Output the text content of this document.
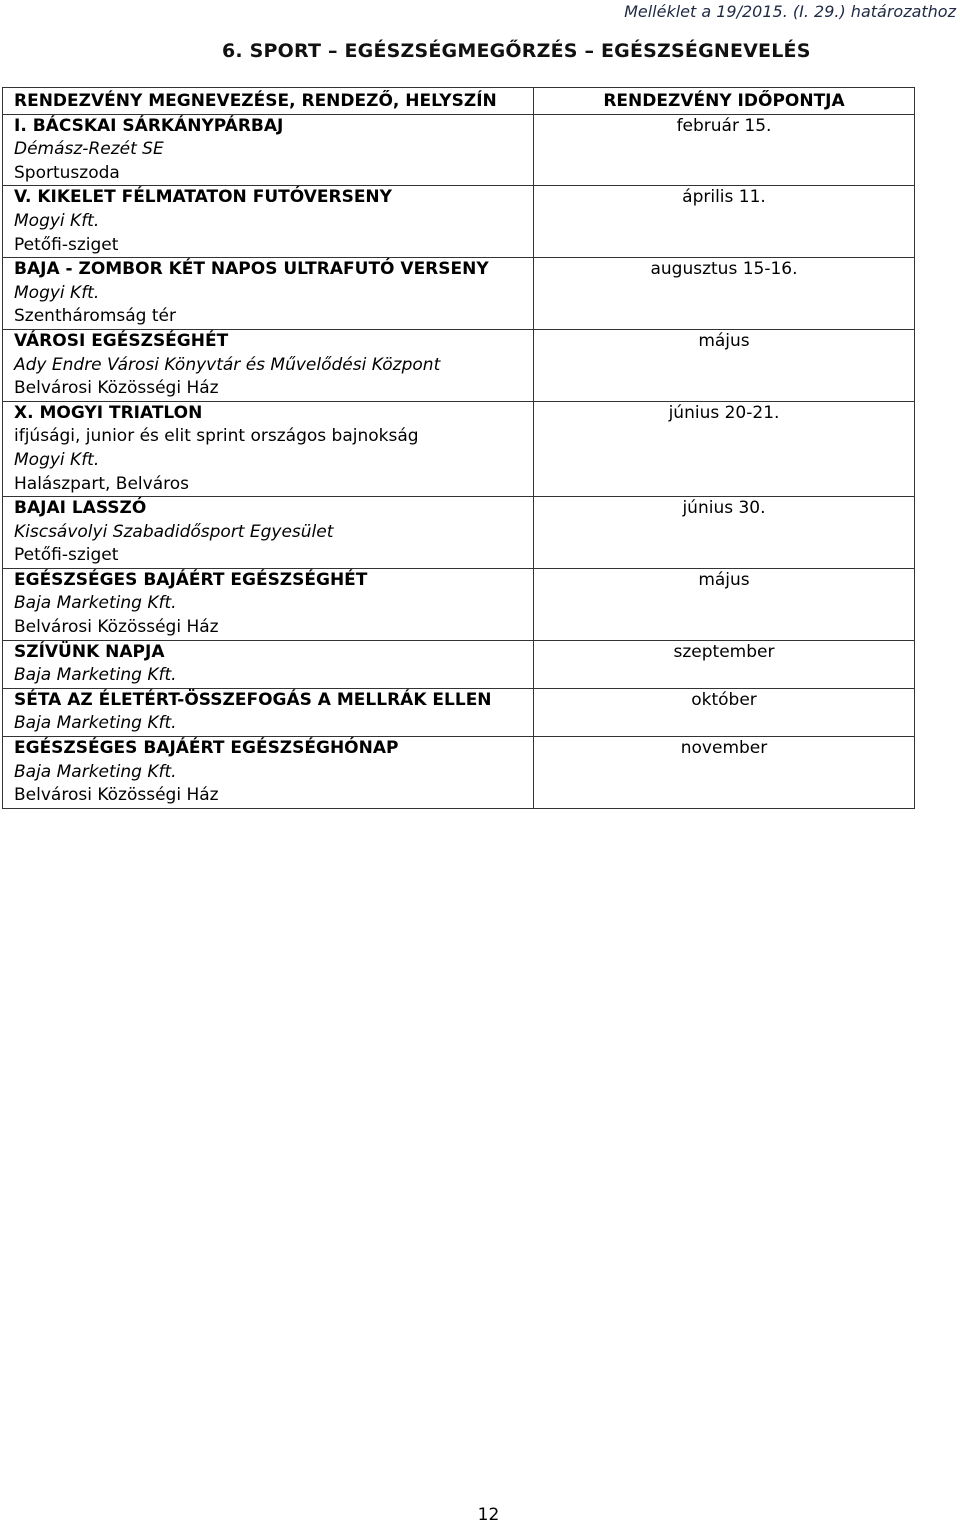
Melléklet a 19/2015. (I. 29.) határozathoz
6. SPORT – EGÉSZSÉGMEGŐRZÉS – EGÉSZSÉGNEVELÉS
RENDEZVÉNY MEGNEVEZÉSE, RENDEZŐ, HELYSZÍN	RENDEZVÉNY IDŐPONTJA

I. BÁCSKAI SÁRKÁNYPÁRBAJ
Démász-Rezét SE
Sportuszoda	február 15.

V. KIKELET FÉLMATATON FUTÓVERSENY
Mogyi Kft.
Petőfi-sziget	április 11.

BAJA - ZOMBOR KÉT NAPOS ULTRAFUTÓ VERSENY
Mogyi Kft.
Szentháromság tér	augusztus 15-16.

VÁROSI EGÉSZSÉGHÉT
Ady Endre Városi Könyvtár és Művelődési Központ
Belvárosi Közösségi Ház	május

X. MOGYI TRIATLON
ifjúsági, junior és elit sprint országos bajnokság
Mogyi Kft.
Halászpart, Belváros	június 20-21.

BAJAI LASSZÓ
Kiscsávolyi Szabadidősport Egyesület
Petőfi-sziget	június 30.

EGÉSZSÉGES BAJÁÉRT EGÉSZSÉGHÉT
Baja Marketing Kft.
Belvárosi Közösségi Ház	május

SZÍVÜNK NAPJA
Baja Marketing Kft.	szeptember

SÉTA AZ ÉLETÉRT-ÖSSZEFOGÁS A MELLRÁK ELLEN
Baja Marketing Kft.	október

EGÉSZSÉGES BAJÁÉRT EGÉSZSÉGHÓNAP
Baja Marketing Kft.
Belvárosi Közösségi Ház	november
12
